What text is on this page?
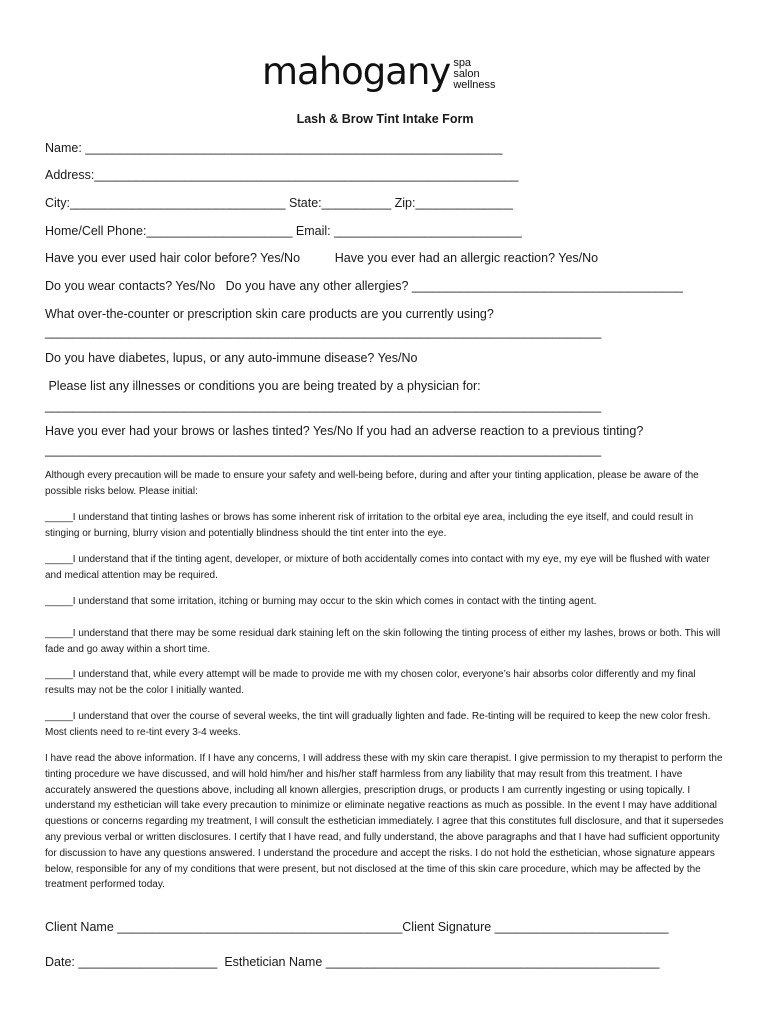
mahogany spa
salon
wellness
Lash & Brow Tint Intake Form
Name: ____________________________________________________________
Address:_____________________________________________________________
City:_______________________________ State:__________ Zip:______________
Home/Cell Phone:_____________________ Email: ___________________________
Have you ever used hair color before? Yes/No          Have you ever had an allergic reaction? Yes/No
Do you wear contacts? Yes/No   Do you have any other allergies? _______________________________________
What over-the-counter or prescription skin care products are you currently using?
________________________________________________________________________________
Do you have diabetes, lupus, or any auto-immune disease? Yes/No
Please list any illnesses or conditions you are being treated by a physician for:
________________________________________________________________________________
Have you ever had your brows or lashes tinted? Yes/No If you had an adverse reaction to a previous tinting?
________________________________________________________________________________
Although every precaution will be made to ensure your safety and well-being before, during and after your tinting application, please be aware of the possible risks below. Please initial:
_____I understand that tinting lashes or brows has some inherent risk of irritation to the orbital eye area, including the eye itself, and could result in stinging or burning, blurry vision and potentially blindness should the tint enter into the eye.
_____I understand that if the tinting agent, developer, or mixture of both accidentally comes into contact with my eye, my eye will be flushed with water and medical attention may be required.
_____I understand that some irritation, itching or burning may occur to the skin which comes in contact with the tinting agent.
_____I understand that there may be some residual dark staining left on the skin following the tinting process of either my lashes, brows or both. This will fade and go away within a short time.
_____I understand that, while every attempt will be made to provide me with my chosen color, everyone’s hair absorbs color differently and my final results may not be the color I initially wanted.
_____I understand that over the course of several weeks, the tint will gradually lighten and fade. Re-tinting will be required to keep the new color fresh. Most clients need to re-tint every 3-4 weeks.
I have read the above information. If I have any concerns, I will address these with my skin care therapist. I give permission to my therapist to perform the tinting procedure we have discussed, and will hold him/her and his/her staff harmless from any liability that may result from this treatment. I have accurately answered the questions above, including all known allergies, prescription drugs, or products I am currently ingesting or using topically. I understand my esthetician will take every precaution to minimize or eliminate negative reactions as much as possible. In the event I may have additional questions or concerns regarding my treatment, I will consult the esthetician immediately. I agree that this constitutes full disclosure, and that it supersedes any previous verbal or written disclosures. I certify that I have read, and fully understand, the above paragraphs and that I have had sufficient opportunity for discussion to have any questions answered. I understand the procedure and accept the risks. I do not hold the esthetician, whose signature appears below, responsible for any of my conditions that were present, but not disclosed at the time of this skin care procedure, which may be affected by the treatment performed today.
Client Name _________________________________________Client Signature _________________________
Date: ____________________  Esthetician Name ________________________________________________
